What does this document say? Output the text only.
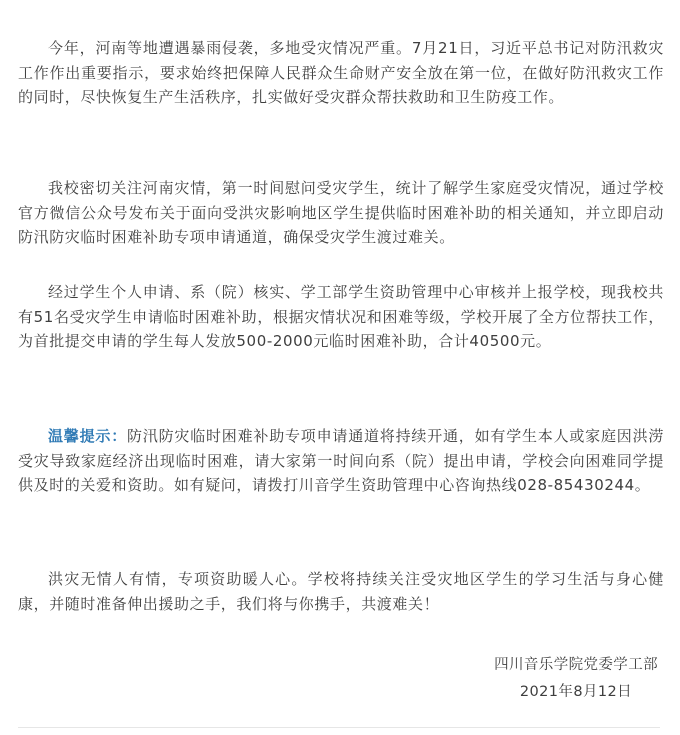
今年，河南等地遭遇暴雨侵袭，多地受灾情况严重。7月21日，习近平总书记对防汛救灾工作作出重要指示，要求始终把保障人民群众生命财产安全放在第一位，在做好防汛救灾工作的同时，尽快恢复生产生活秩序，扎实做好受灾群众帮扶救助和卫生防疫工作。

我校密切关注河南灾情，第一时间慰问受灾学生，统计了解学生家庭受灾情况，通过学校官方微信公众号发布关于面向受洪灾影响地区学生提供临时困难补助的相关通知，并立即启动防汛防灾临时困难补助专项申请通道，确保受灾学生渡过难关。

经过学生个人申请、系（院）核实、学工部学生资助管理中心审核并上报学校，现我校共有51名受灾学生申请临时困难补助，根据灾情状况和困难等级，学校开展了全方位帮扶工作，为首批提交申请的学生每人发放500-2000元临时困难补助，合计40500元。

温馨提示：防汛防灾临时困难补助专项申请通道将持续开通，如有学生本人或家庭因洪涝受灾导致家庭经济出现临时困难，请大家第一时间向系（院）提出申请，学校会向困难同学提供及时的关爱和资助。如有疑问，请拨打川音学生资助管理中心咨询热线028-85430244。

洪灾无情人有情，专项资助暖人心。学校将持续关注受灾地区学生的学习生活与身心健康，并随时准备伸出援助之手，我们将与你携手，共渡难关！

四川音乐学院党委学工部

2021年8月12日
